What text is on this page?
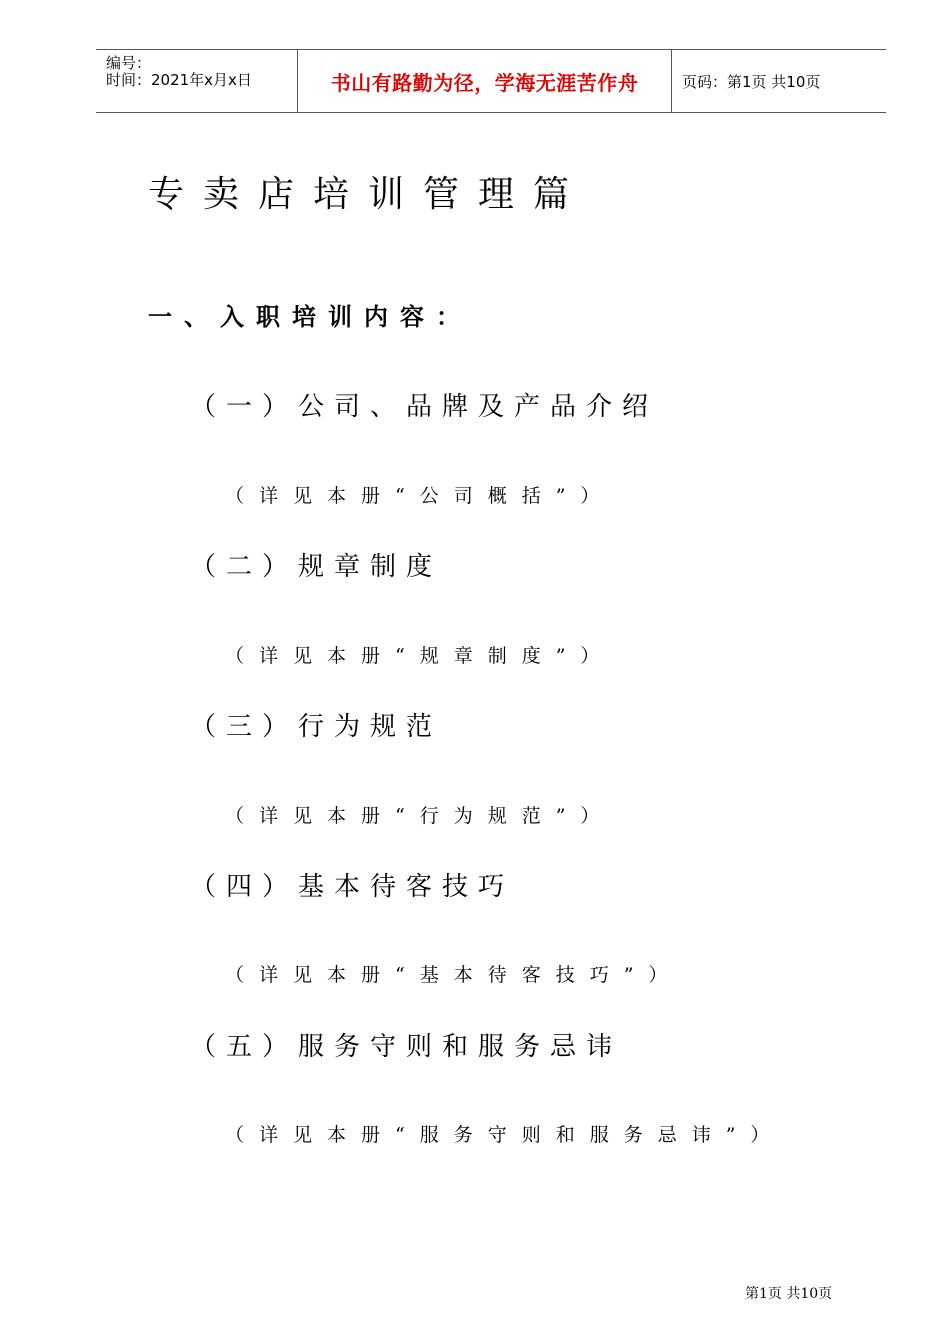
编号：
时间：2021年x月x日	书山有路勤为径，学海无涯苦作舟	页码：第1页 共10页
专卖店培训管理篇
一、入职培训内容：
（一）公司、品牌及产品介绍
（详见本册“公司概括”）
（二）规章制度
（详见本册“规章制度”）
（三）行为规范
（详见本册“行为规范”）
（四）基本待客技巧
（详见本册“基本待客技巧”）
（五）服务守则和服务忌讳
（详见本册“服务守则和服务忌讳”）
第1页 共10页
